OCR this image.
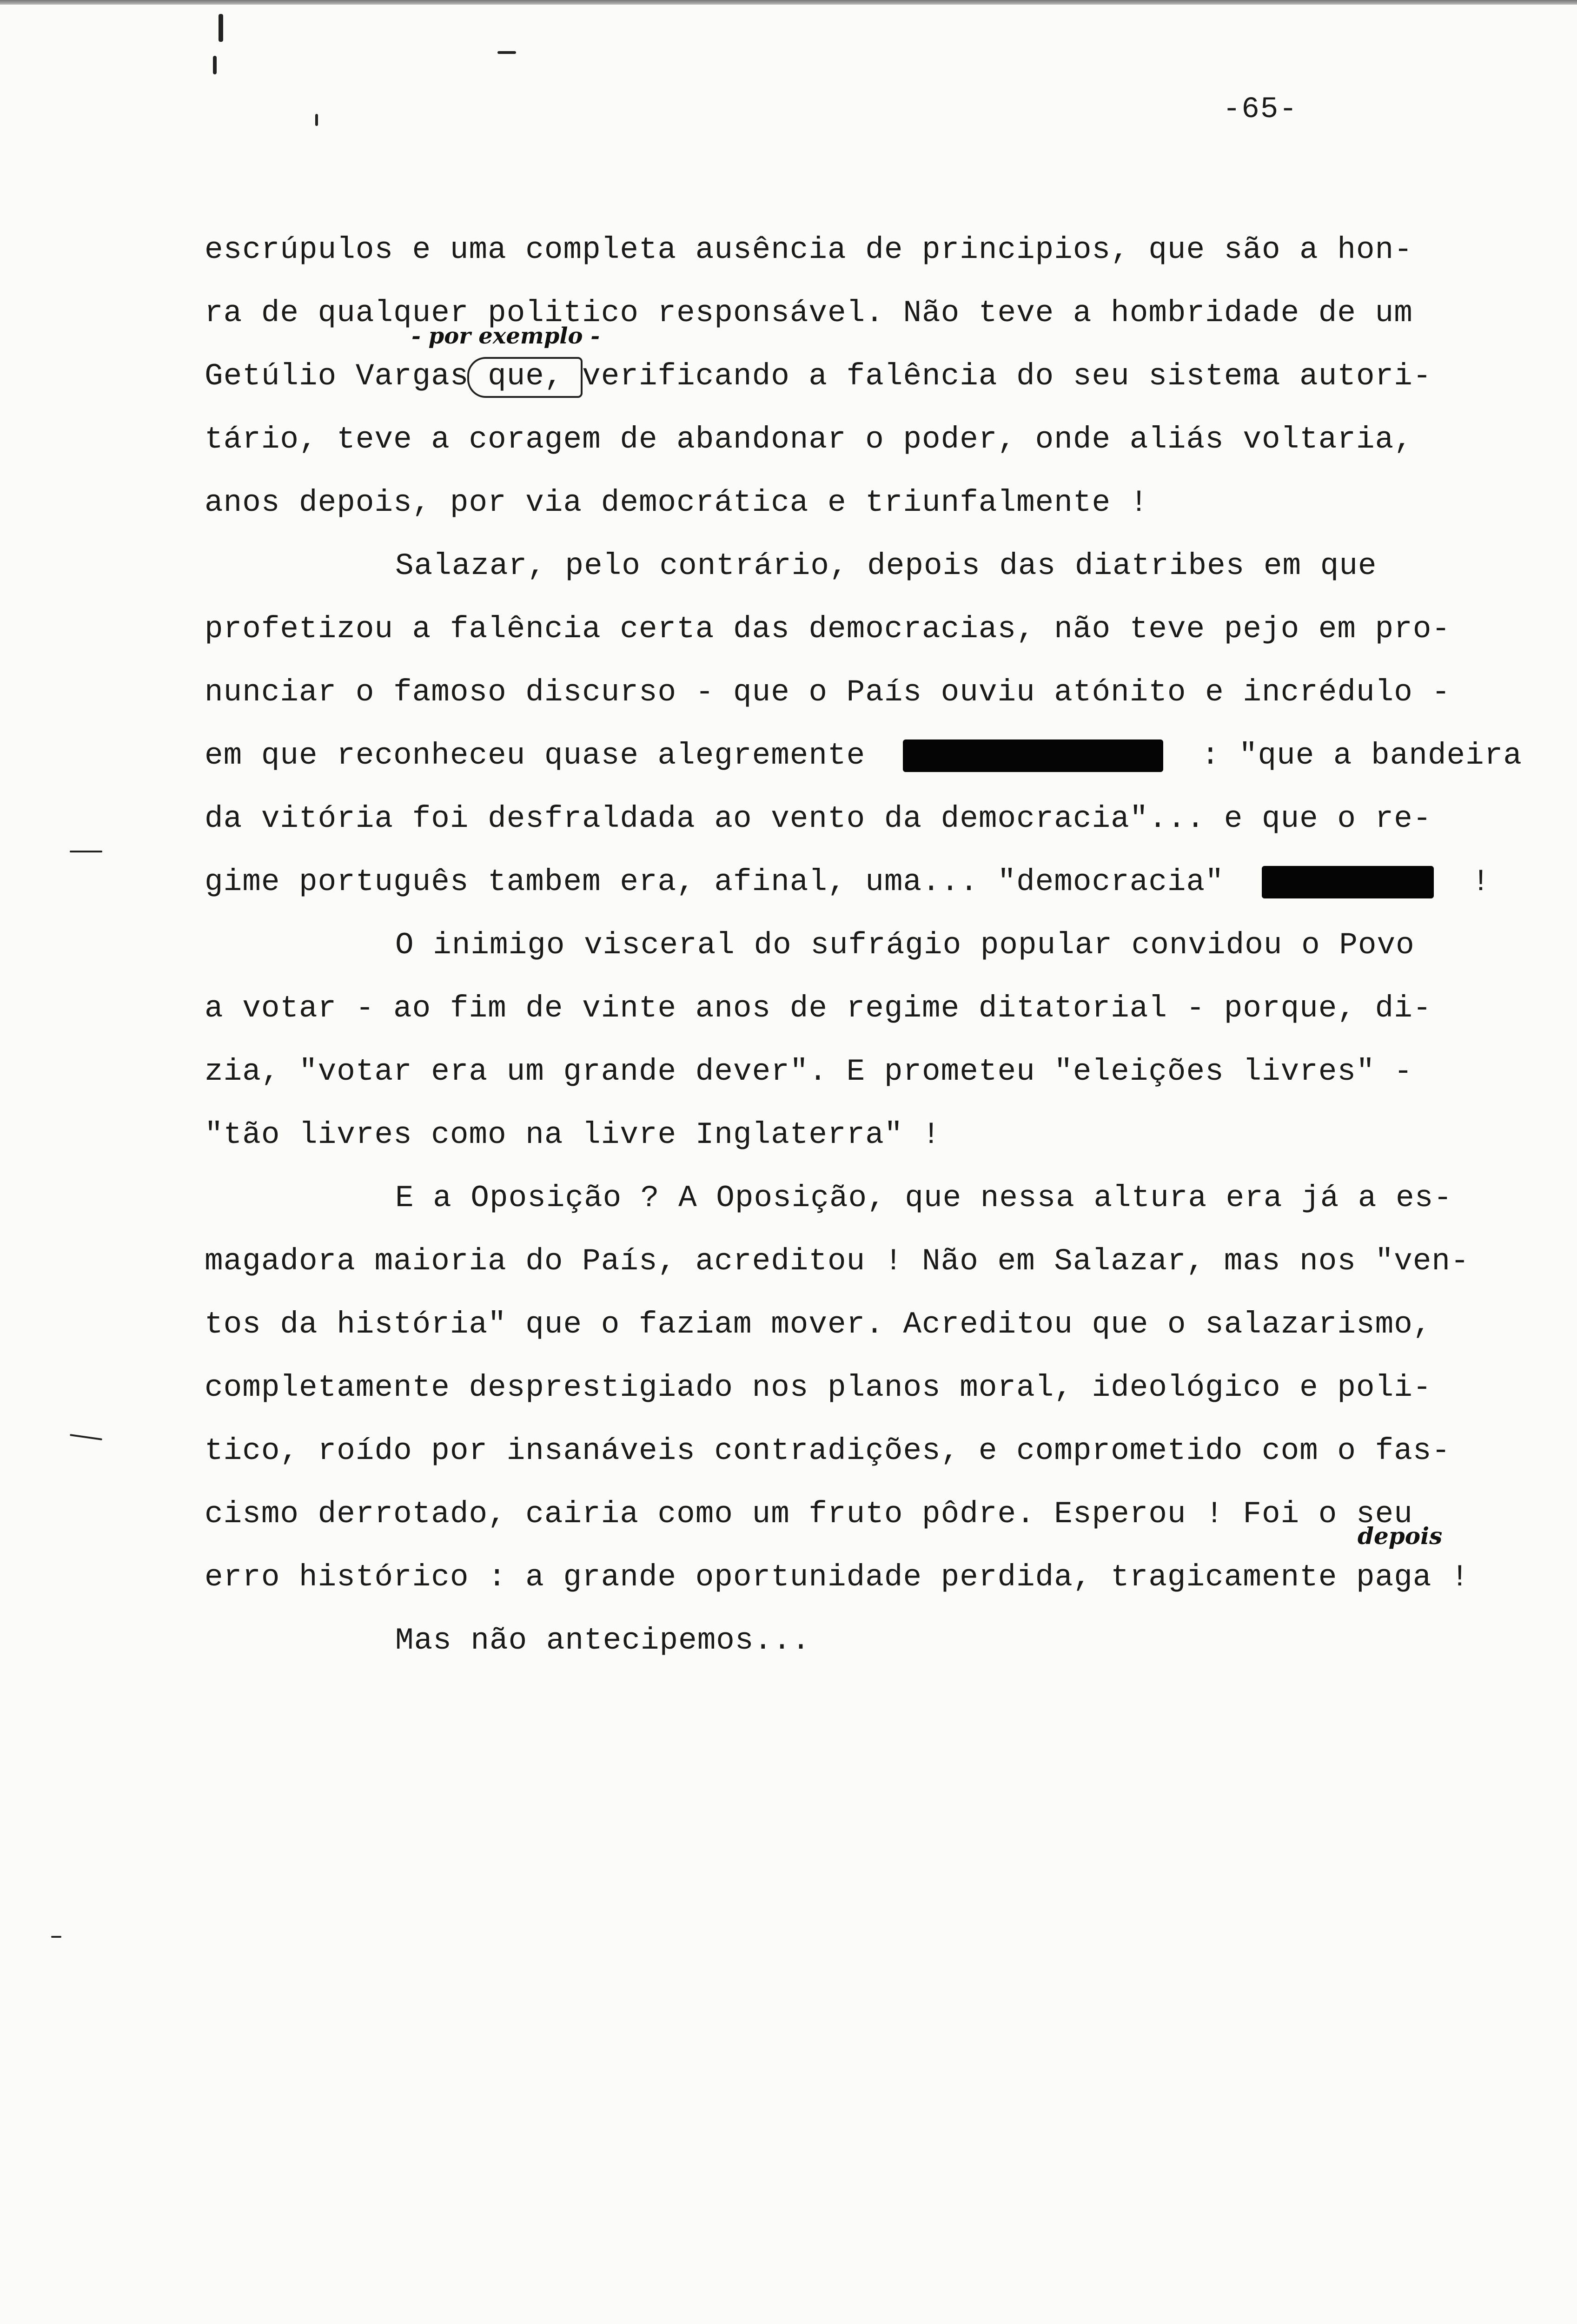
-65-
- por exemplo -
depois
escrúpulos e uma completa ausência de principios, que são a hon-
ra de qualquer politico responsável. Não teve a hombridade de um
Getúlio Vargas que, verificando a falência do seu sistema autori-
tário, teve a coragem de abandonar o poder, onde aliás voltaria,
anos depois, por via democrática e triunfalmente !
Salazar, pelo contrário, depois das diatribes em que
profetizou a falência certa das democracias, não teve pejo em pro-
nunciar o famoso discurso - que o País ouviu atónito e incrédulo -
em que reconheceu quase alegremente	: "que a bandeira
da vitória foi desfraldada ao vento da democracia"... e que o re-
gime português tambem era, afinal, uma... "democracia"	!
O inimigo visceral do sufrágio popular convidou o Povo
a votar - ao fim de vinte anos de regime ditatorial - porque, di-
zia, "votar era um grande dever". E prometeu "eleições livres" -
"tão livres como na livre Inglaterra" !
E a Oposição ? A Oposição, que nessa altura era já a es-
magadora maioria do País, acreditou ! Não em Salazar, mas nos "ven-
tos da história" que o faziam mover. Acreditou que o salazarismo,
completamente desprestigiado nos planos moral, ideológico e poli-
tico, roído por insanáveis contradições, e comprometido com o fas-
cismo derrotado, cairia como um fruto pôdre. Esperou ! Foi o seu
erro histórico : a grande oportunidade perdida, tragicamente paga !
Mas não antecipemos...
